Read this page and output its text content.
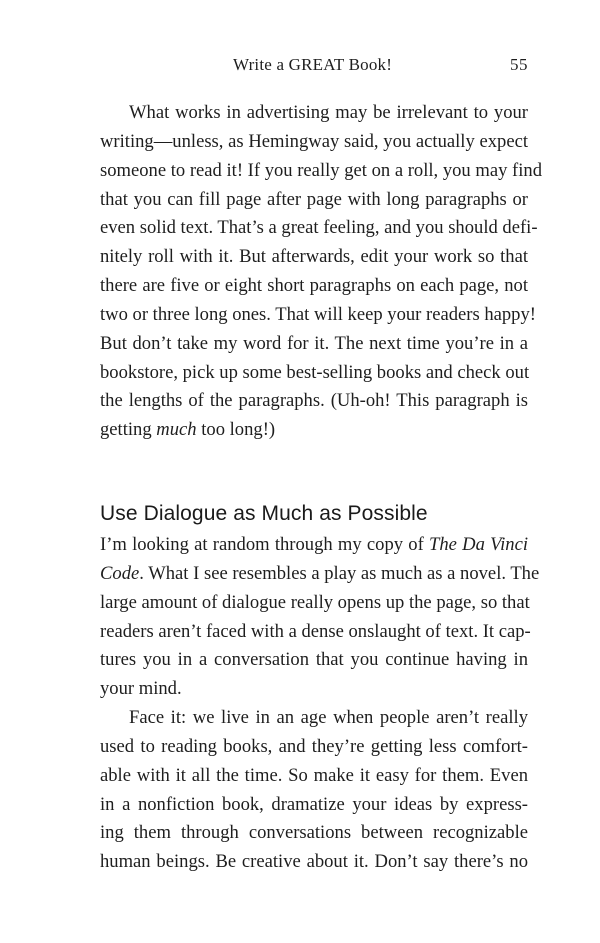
Write a GREAT Book!	55
What works in advertising may be irrelevant to your
writing—unless, as Hemingway said, you actually expect
someone to read it! If you really get on a roll, you may find
that you can fill page after page with long paragraphs or
even solid text. That’s a great feeling, and you should defi-
nitely roll with it. But afterwards, edit your work so that
there are five or eight short paragraphs on each page, not
two or three long ones. That will keep your readers happy!
But don’t take my word for it. The next time you’re in a
bookstore, pick up some best-selling books and check out
the lengths of the paragraphs. (Uh-oh! This paragraph is
getting much too long!)
Use Dialogue as Much as Possible
I’m looking at random through my copy of The Da Vinci
Code. What I see resembles a play as much as a novel. The
large amount of dialogue really opens up the page, so that
readers aren’t faced with a dense onslaught of text. It cap-
tures you in a conversation that you continue having in
your mind.
Face it: we live in an age when people aren’t really
used to reading books, and they’re getting less comfort-
able with it all the time. So make it easy for them. Even
in a nonfiction book, dramatize your ideas by express-
ing them through conversations between recognizable
human beings. Be creative about it. Don’t say there’s no
